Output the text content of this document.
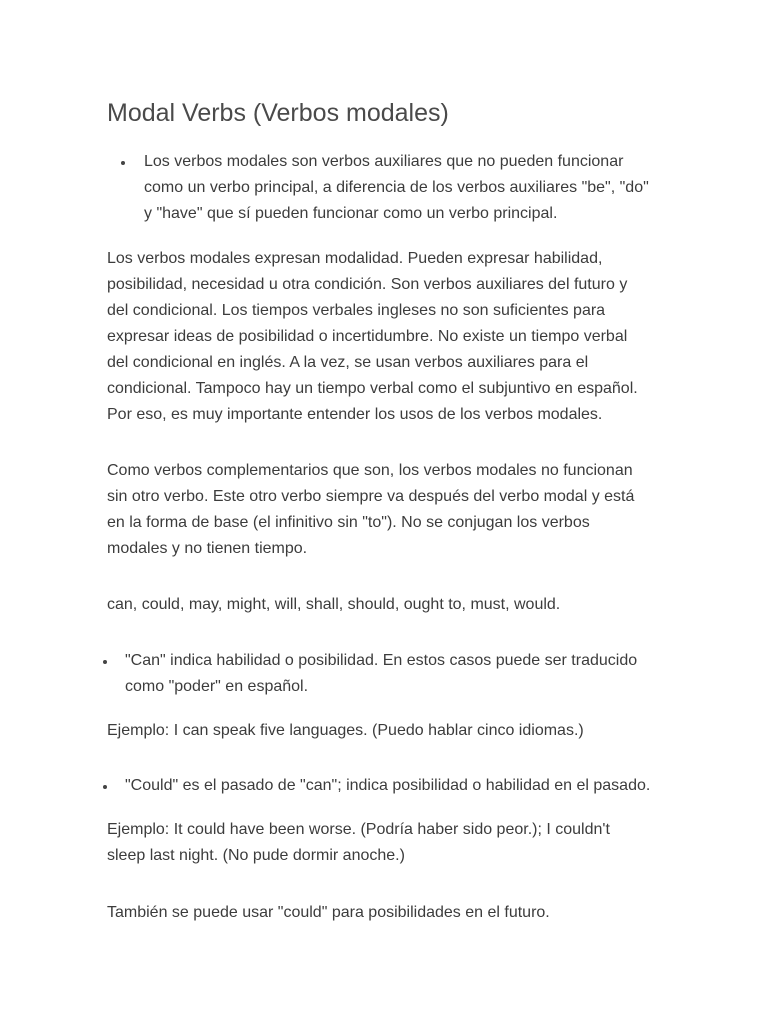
Modal Verbs (Verbos modales)
Los verbos modales son verbos auxiliares que no pueden funcionar
como un verbo principal, a diferencia de los verbos auxiliares "be", "do"
y "have" que sí pueden funcionar como un verbo principal.
Los verbos modales expresan modalidad. Pueden expresar habilidad,
posibilidad, necesidad u otra condición. Son verbos auxiliares del futuro y
del condicional. Los tiempos verbales ingleses no son suficientes para
expresar ideas de posibilidad o incertidumbre. No existe un tiempo verbal
del condicional en inglés. A la vez, se usan verbos auxiliares para el
condicional. Tampoco hay un tiempo verbal como el subjuntivo en español.
Por eso, es muy importante entender los usos de los verbos modales.
Como verbos complementarios que son, los verbos modales no funcionan
sin otro verbo. Este otro verbo siempre va después del verbo modal y está
en la forma de base (el infinitivo sin "to"). No se conjugan los verbos
modales y no tienen tiempo.
can, could, may, might, will, shall, should, ought to, must, would.
"Can" indica habilidad o posibilidad. En estos casos puede ser traducido
como "poder" en español.
Ejemplo: I can speak five languages. (Puedo hablar cinco idiomas.)
"Could" es el pasado de "can"; indica posibilidad o habilidad en el pasado.
Ejemplo: It could have been worse. (Podría haber sido peor.); I couldn't
sleep last night. (No pude dormir anoche.)
También se puede usar "could" para posibilidades en el futuro.
